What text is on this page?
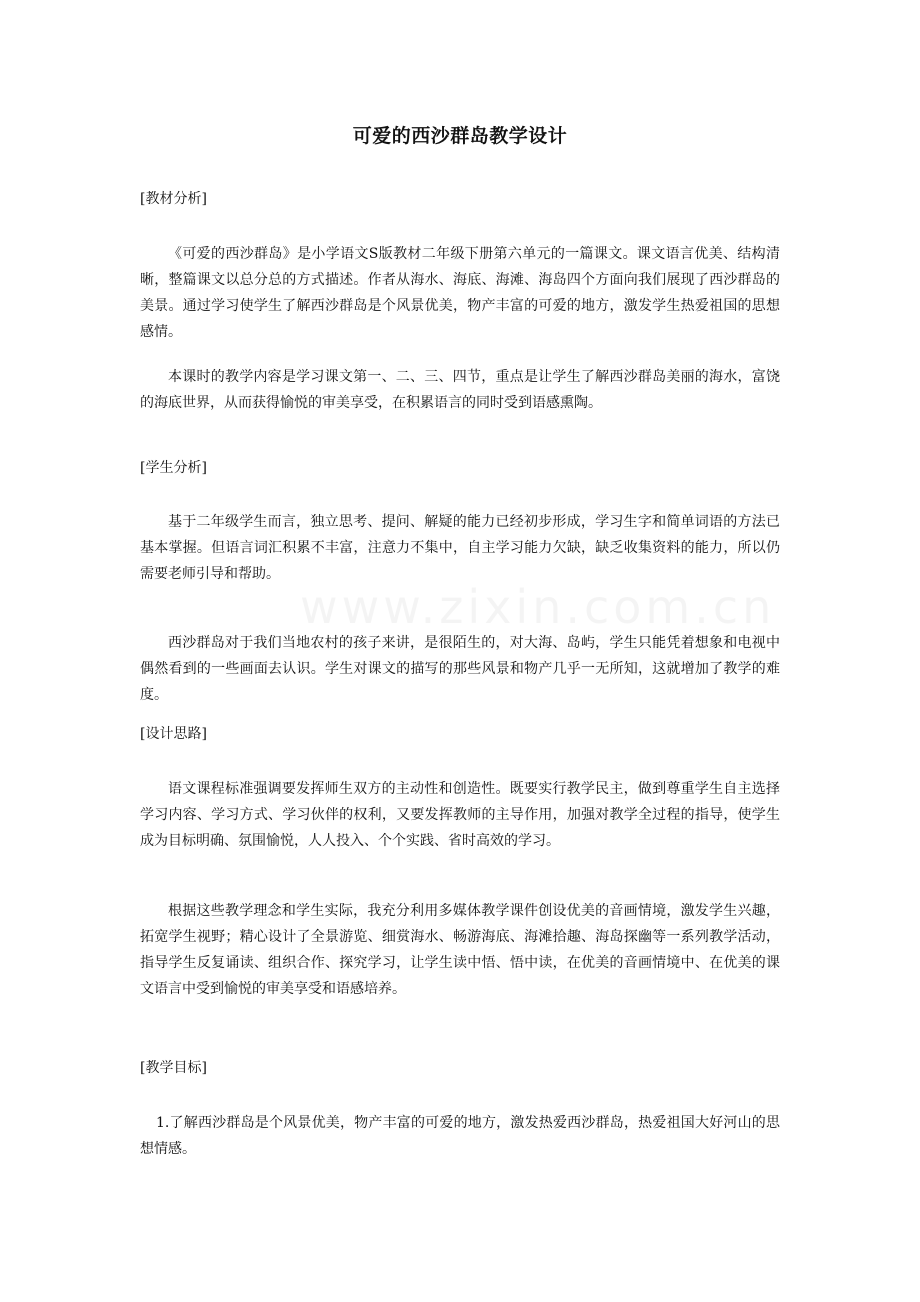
可爱的西沙群岛教学设计
[教材分析]
《可爱的西沙群岛》是小学语文S版教材二年级下册第六单元的一篇课文。课文语言优美、结构清晰，整篇课文以总分总的方式描述。作者从海水、海底、海滩、海岛四个方面向我们展现了西沙群岛的美景。通过学习使学生了解西沙群岛是个风景优美，物产丰富的可爱的地方，激发学生热爱祖国的思想感情。
本课时的教学内容是学习课文第一、二、三、四节，重点是让学生了解西沙群岛美丽的海水，富饶的海底世界，从而获得愉悦的审美享受，在积累语言的同时受到语感熏陶。
[学生分析]
基于二年级学生而言，独立思考、提问、解疑的能力已经初步形成，学习生字和简单词语的方法已基本掌握。但语言词汇积累不丰富，注意力不集中，自主学习能力欠缺，缺乏收集资料的能力，所以仍需要老师引导和帮助。
西沙群岛对于我们当地农村的孩子来讲，是很陌生的，对大海、岛屿，学生只能凭着想象和电视中偶然看到的一些画面去认识。学生对课文的描写的那些风景和物产几乎一无所知，这就增加了教学的难度。
[设计思路]
语文课程标准强调要发挥师生双方的主动性和创造性。既要实行教学民主，做到尊重学生自主选择学习内容、学习方式、学习伙伴的权利，又要发挥教师的主导作用，加强对教学全过程的指导，使学生成为目标明确、氛围愉悦，人人投入、个个实践、省时高效的学习。
根据这些教学理念和学生实际，我充分利用多媒体教学课件创设优美的音画情境，激发学生兴趣，拓宽学生视野；精心设计了全景游览、细赏海水、畅游海底、海滩拾趣、海岛探幽等一系列教学活动，指导学生反复诵读、组织合作、探究学习，让学生读中悟、悟中读，在优美的音画情境中、在优美的课文语言中受到愉悦的审美享受和语感培养。
[教学目标]
1.了解西沙群岛是个风景优美，物产丰富的可爱的地方，激发热爱西沙群岛，热爱祖国大好河山的思想情感。
